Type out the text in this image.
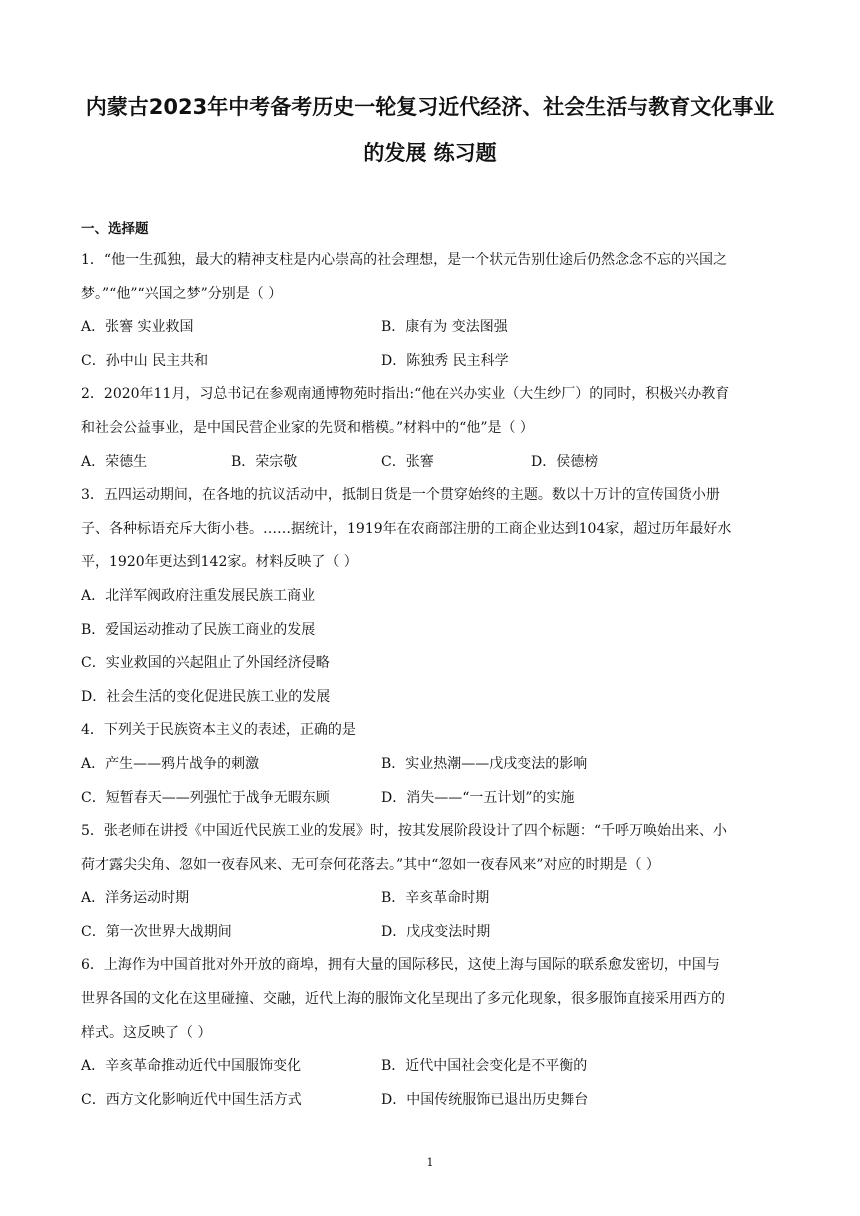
内蒙古2023年中考备考历史一轮复习近代经济、社会生活与教育文化事业
的发展 练习题
一、选择题
1．“他一生孤独，最大的精神支柱是内心崇高的社会理想，是一个状元告别仕途后仍然念念不忘的兴国之
梦。”“他”“兴国之梦”分别是（ ）
A．张謇 实业救国	B．康有为 变法图强
C．孙中山 民主共和	D．陈独秀 民主科学
2．2020年11月，习总书记在参观南通博物苑时指出:“他在兴办实业（大生纱厂）的同时，积极兴办教育
和社会公益事业，是中国民营企业家的先贤和楷模。”材料中的“他”是（ ）
A．荣德生	B．荣宗敬	C．张謇	D．侯德榜
3．五四运动期间，在各地的抗议活动中，抵制日货是一个贯穿始终的主题。数以十万计的宣传国货小册
子、各种标语充斥大街小巷。……据统计，1919年在农商部注册的工商企业达到104家，超过历年最好水
平，1920年更达到142家。材料反映了（ ）
A．北洋军阀政府注重发展民族工商业
B．爱国运动推动了民族工商业的发展
C．实业救国的兴起阻止了外国经济侵略
D．社会生活的变化促进民族工业的发展
4．下列关于民族资本主义的表述，正确的是
A．产生——鸦片战争的刺激	B．实业热潮——戊戌变法的影响
C．短暂春天——列强忙于战争无暇东顾	D．消失——“一五计划”的实施
5．张老师在讲授《中国近代民族工业的发展》时，按其发展阶段设计了四个标题：“千呼万唤始出来、小
荷才露尖尖角、忽如一夜春风来、无可奈何花落去。”其中“忽如一夜春风来”对应的时期是（ ）
A．洋务运动时期	B．辛亥革命时期
C．第一次世界大战期间	D．戊戌变法时期
6．上海作为中国首批对外开放的商埠，拥有大量的国际移民，这使上海与国际的联系愈发密切，中国与
世界各国的文化在这里碰撞、交融，近代上海的服饰文化呈现出了多元化现象，很多服饰直接采用西方的
样式。这反映了（ ）
A．辛亥革命推动近代中国服饰变化	B．近代中国社会变化是不平衡的
C．西方文化影响近代中国生活方式	D．中国传统服饰已退出历史舞台
1
